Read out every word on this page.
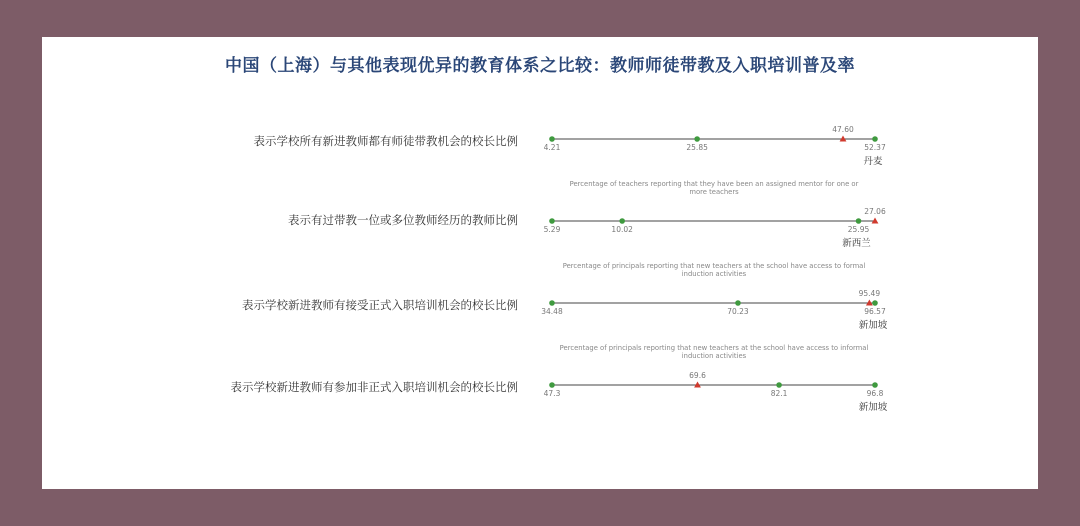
中国（上海）与其他表现优异的教育体系之比较：教师师徒带教及入职培训普及率
表示学校所有新进教师都有师徒带教机会的校长比例
表示有过带教一位或多位教师经历的教师比例
表示学校新进教师有接受正式入职培训机会的校长比例
表示学校新进教师有参加非正式入职培训机会的校长比例
4.21	25.85	52.37
47.60
丹麦
Percentage of teachers reporting that they have been an assigned mentor for one or
more teachers
5.29	10.02	25.95
27.06
新西兰
Percentage of principals reporting that new teachers at the school have access to formal
induction activities
34.48	70.23	96.57
95.49
新加坡
Percentage of principals reporting that new teachers at the school have access to informal
induction activities
47.3	82.1	96.8
69.6
新加坡
